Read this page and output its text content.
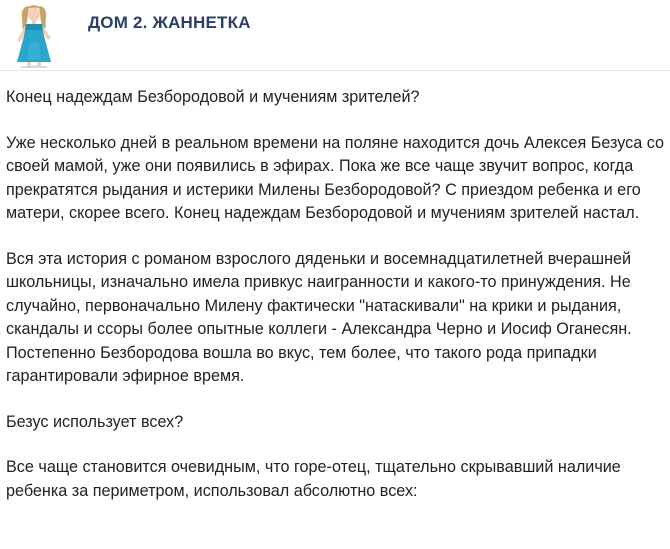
ДОМ 2. ЖАННЕТКА

Конец надеждам Безбородовой и мучениям зрителей?

Уже несколько дней в реальном времени на поляне находится дочь Алексея Безуса со своей мамой, уже они появились в эфирах. Пока же все чаще звучит вопрос, когда прекратятся рыдания и истерики Милены Безбородовой? С приездом ребенка и его матери, скорее всего. Конец надеждам Безбородовой и мучениям зрителей настал.

Вся эта история с романом взрослого дяденьки и восемнадцатилетней вчерашней школьницы, изначально имела привкус наигранности и какого-то принуждения. Не случайно, первоначально Милену фактически "натаскивали" на крики и рыдания, скандалы и ссоры более опытные коллеги - Александра Черно и Иосиф Оганесян. Постепенно Безбородова вошла во вкус, тем более, что такого рода припадки гарантировали эфирное время.

Безус использует всех?

Все чаще становится очевидным, что горе-отец, тщательно скрывавший наличие ребенка за периметром, использовал абсолютно всех:
